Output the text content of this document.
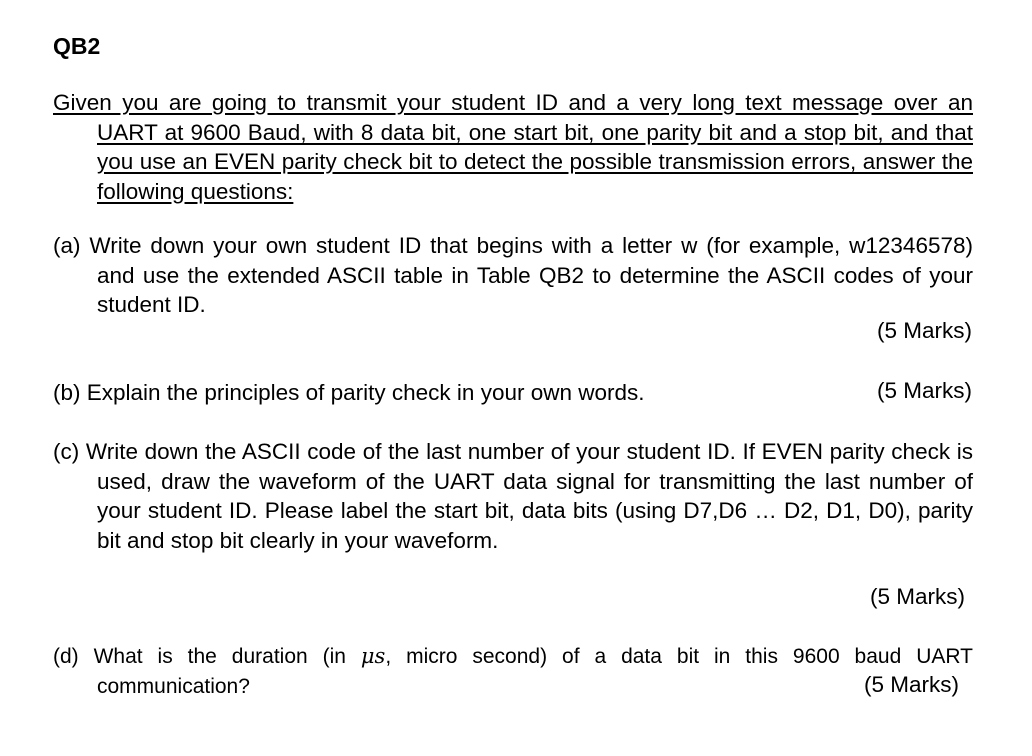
QB2

Given you are going to transmit your student ID and a very long text message over an UART at 9600 Baud, with 8 data bit, one start bit, one parity bit and a stop bit, and that you use an EVEN parity check bit to detect the possible transmission errors, answer the following questions:

(a) Write down your own student ID that begins with a letter w (for example, w12346578) and use the extended ASCII table in Table QB2 to determine the ASCII codes of your student ID.

(5 Marks)

(b) Explain the principles of parity check in your own words.	(5 Marks)

(c) Write down the ASCII code of the last number of your student ID. If EVEN parity check is used, draw the waveform of the UART data signal for transmitting the last number of your student ID. Please label the start bit, data bits (using D7,D6 … D2, D1, D0), parity bit and stop bit clearly in your waveform.

(5 Marks)

(d) What is the duration (in μs, micro second) of a data bit in this 9600 baud UART communication?	(5 Marks)
